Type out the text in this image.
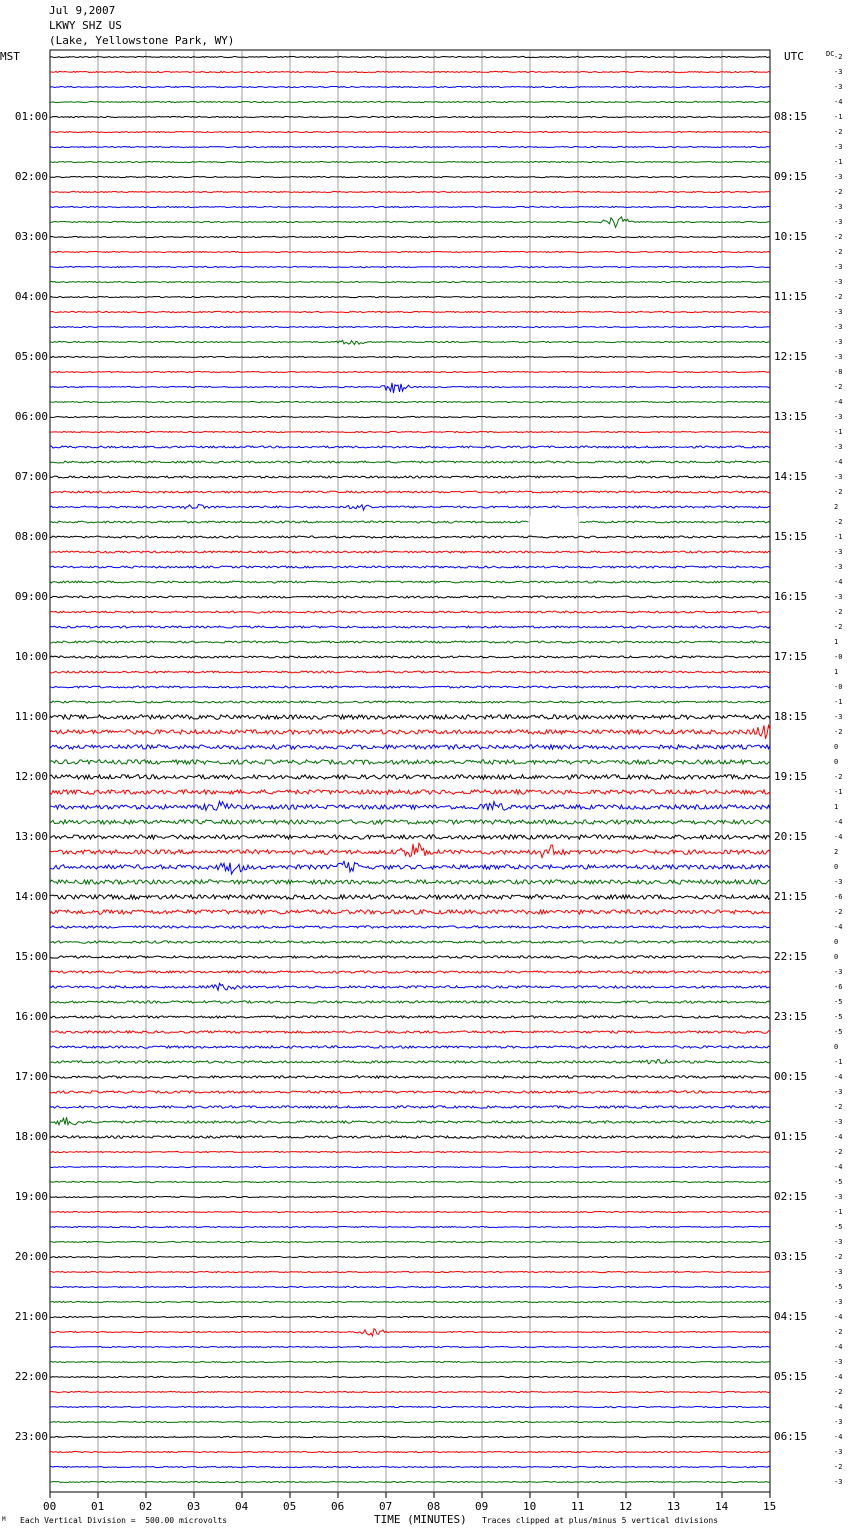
Jul 9,2007
LKWY SHZ US
(Lake, Yellowstone Park, WY)
MST	UTC	DC
01:00
02:00
03:00
04:00
05:00
06:00
07:00
08:00
09:00
10:00
11:00
12:00
13:00
14:00
15:00
16:00
17:00
18:00
19:00
20:00
21:00
22:00
23:00
08:15
09:15
10:15
11:15
12:15
13:15
14:15
15:15
16:15
17:15
18:15
19:15
20:15
21:15
22:15
23:15
00:15
01:15
02:15
03:15
04:15
05:15
06:15
-2
-3
-3
-4
-1
-2
-3
-1
-3
-2
-3
-3
-2
-2
-3
-3
-2
-3
-3
-3
-3
-8
-2
-4
-3
-1
-3
-4
-3
-2
2
-2
-1
-3
-3
-4
-3
-2
-2
1
-0
1
-0
-1
-3
-2
0
0
-2
-1
1
-4
-4
2
0
-3
-6
-2
-4
0
0
-3
-6
-5
-5
-5
0
-1
-4
-3
-2
-3
-4
-2
-4
-5
-3
-1
-5
-3
-2
-3
-5
-3
-4
-2
-4
-3
-4
-2
-4
-3
-4
-3
-2
-3
00	01	02	03	04	05	06	07	08	09	10	11	12	13	14	15
M Each Vertical Division =  500.00 microvolts	TIME (MINUTES) Traces clipped at plus/minus 5 vertical divisions
